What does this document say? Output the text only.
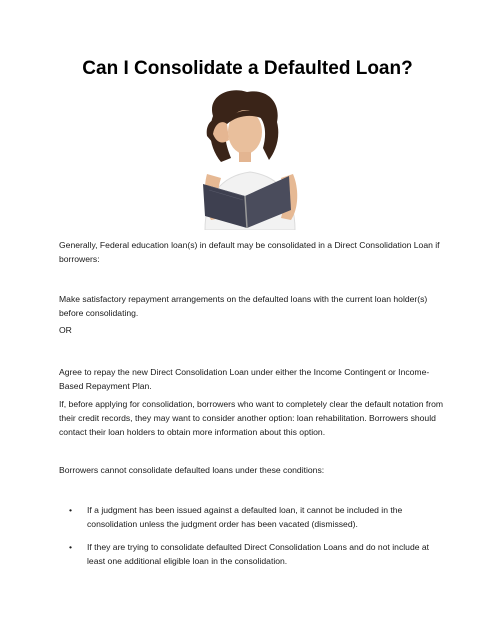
Can I Consolidate a Defaulted Loan?

Generally, Federal education loan(s) in default may be consolidated in a Direct Consolidation Loan if borrowers:

Make satisfactory repayment arrangements on the defaulted loans with the current loan holder(s) before consolidating.

OR

Agree to repay the new Direct Consolidation Loan under either the Income Contingent or Income-Based Repayment Plan.

If, before applying for consolidation, borrowers who want to completely clear the default notation from their credit records, they may want to consider another option: loan rehabilitation. Borrowers should contact their loan holders to obtain more information about this option.

Borrowers cannot consolidate defaulted loans under these conditions:

• If a judgment has been issued against a defaulted loan, it cannot be included in the consolidation unless the judgment order has been vacated (dismissed).
• If they are trying to consolidate defaulted Direct Consolidation Loans and do not include at least one additional eligible loan in the consolidation.
